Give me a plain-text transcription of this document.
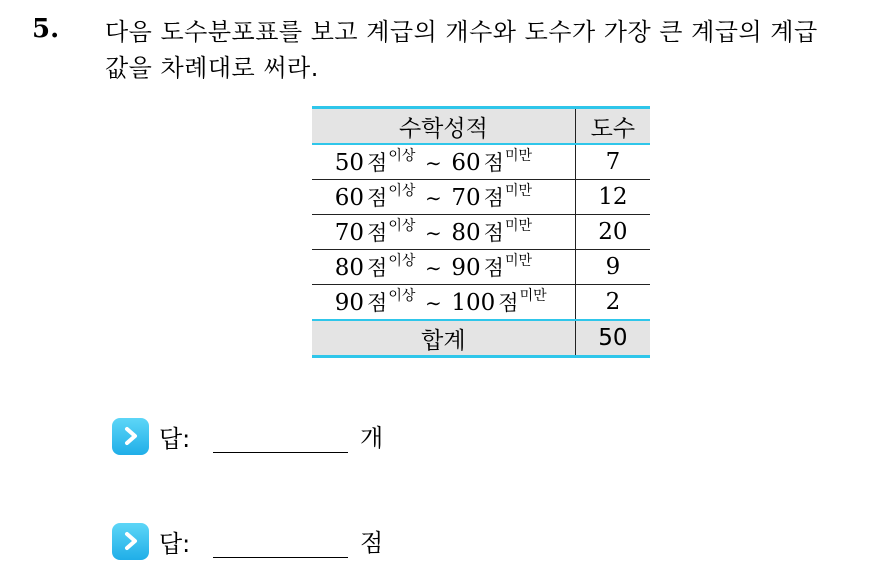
5. 다음 도수분포표를 보고 계급의 개수와 도수가 가장 큰 계급의 계급
값을 차례대로 써라.
수학성적	도수

50 점$^{이상}$ ∼ 60 점$^{미만}$	7

60 점$^{이상}$ ∼ 70 점$^{미만}$	12

70 점$^{이상}$ ∼ 80 점$^{미만}$	20

80 점$^{이상}$ ∼ 90 점$^{미만}$	9

90 점$^{이상}$ ∼ 100 점$^{미만}$	2
합계	50
답:	개
답:	점
